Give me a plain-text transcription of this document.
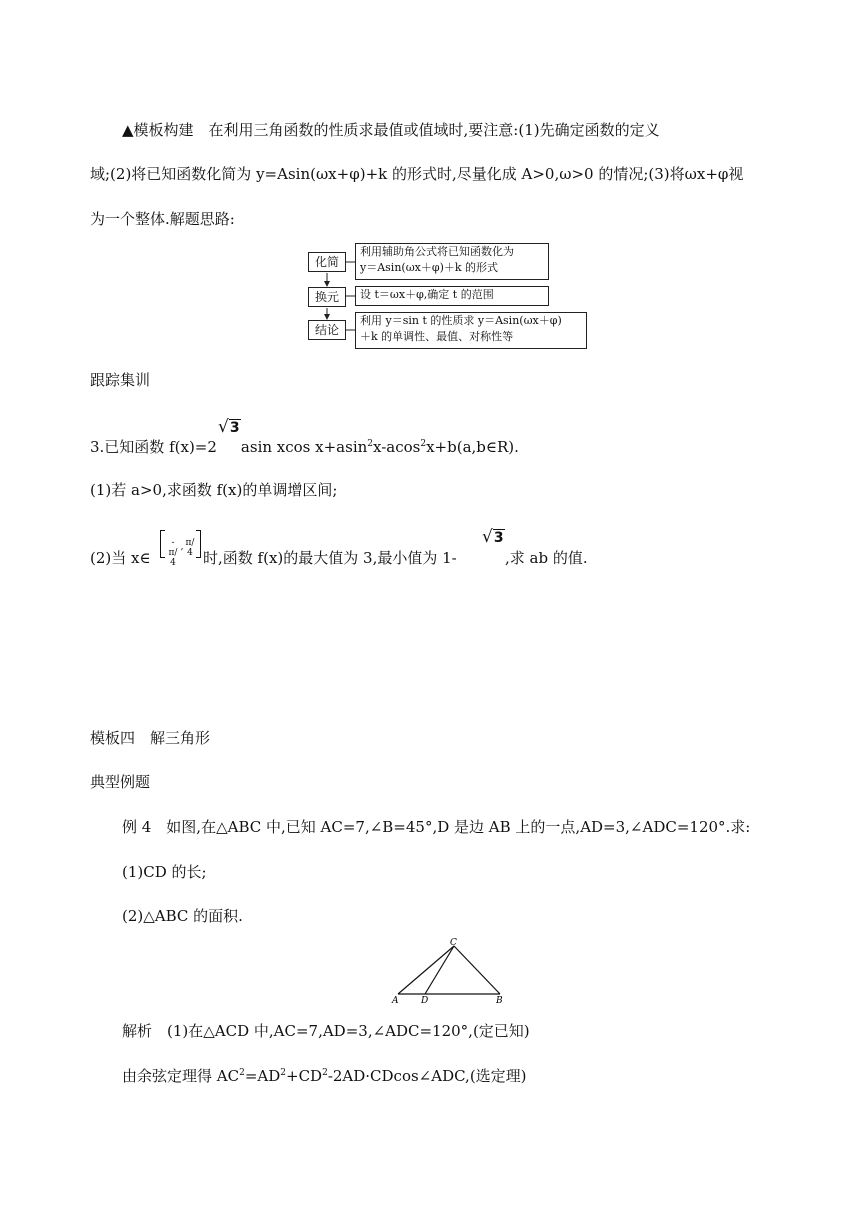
▲模板构建　在利用三角函数的性质求最值或值域时,要注意:(1)先确定函数的定义
域;(2)将已知函数化简为 y=Asin(ωx+φ)+k 的形式时,尽量化成 A>0,ω>0 的情况;(3)将ωx+φ视
为一个整体.解题思路:
化简
换元
结论
利用辅助角公式将已知函数化为
y＝Asin(ωx＋φ)＋k 的形式
设 t＝ωx＋φ,确定 t 的范围
利用 y＝sin t 的性质求 y＝Asin(ωx＋φ)
＋k 的单调性、最值、对称性等
跟踪集训
3.已知函数 f(x)=2 asin xcos x+asin$^2$x-acos$^2$x+b(a,b∈R).
√3
(1)若 a>0,求函数 f(x)的单调增区间;
(2)当 x∈
- π/4
, π/4 时,函数 f(x)的最大值为 3,最小值为 1-
√3
,求 ab 的值.
模板四　解三角形
典型例题
例 4　如图,在△ABC 中,已知 AC=7,∠B=45°,D 是边 AB 上的一点,AD=3,∠ADC=120°.求:
(1)CD 的长;
(2)△ABC 的面积.
C
A	D	B
解析　(1)在△ACD 中,AC=7,AD=3,∠ADC=120°,(定已知)
由余弦定理得 $AC^2=AD^2+CD^2-2AD\cdot CDcos\angle ADC$,(选定理)
